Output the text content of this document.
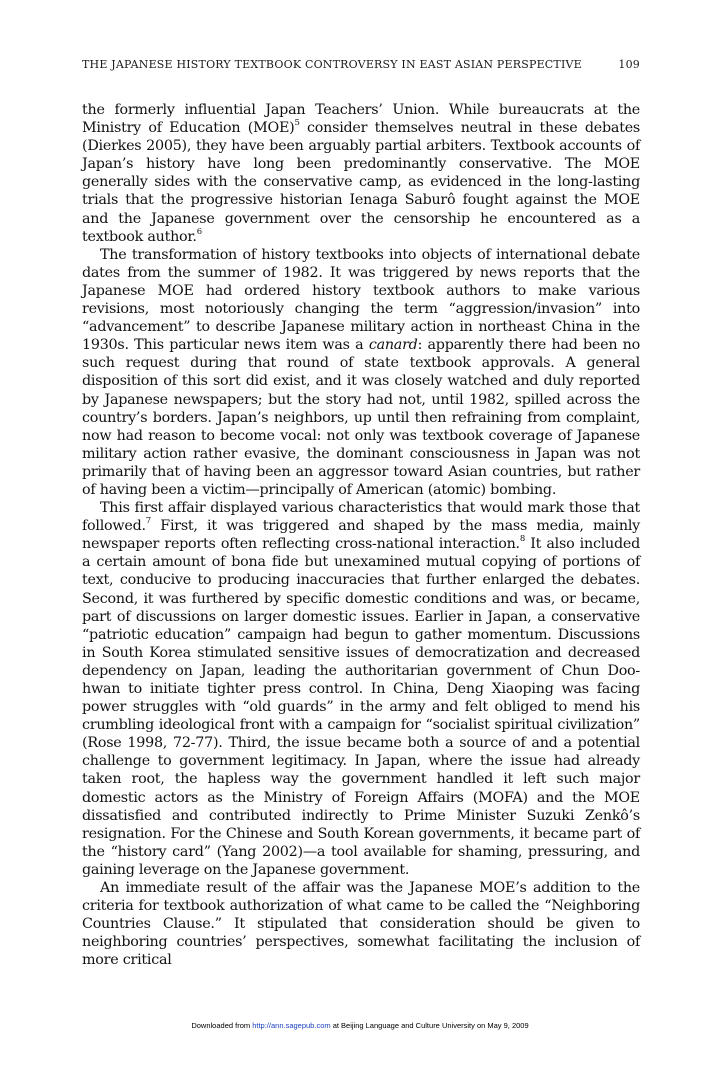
THE JAPANESE HISTORY TEXTBOOK CONTROVERSY IN EAST ASIAN PERSPECTIVE	109

the formerly influential Japan Teachers’ Union. While bureaucrats at the Ministry of Education (MOE)$^5$ consider themselves neutral in these debates (Dierkes 2005), they have been arguably partial arbiters. Textbook accounts of Japan’s history have long been predominantly conservative. The MOE generally sides with the conservative camp, as evidenced in the long-lasting trials that the progressive historian Ienaga Saburô fought against the MOE and the Japanese government over the censorship he encountered as a textbook author.$^6$

The transformation of history textbooks into objects of international debate dates from the summer of 1982. It was triggered by news reports that the Japanese MOE had ordered history textbook authors to make various revisions, most notoriously changing the term “aggression/invasion” into “advancement” to describe Japanese military action in northeast China in the 1930s. This particular news item was a canard: apparently there had been no such request during that round of state textbook approvals. A general disposition of this sort did exist, and it was closely watched and duly reported by Japanese newspapers; but the story had not, until 1982, spilled across the country’s borders. Japan’s neighbors, up until then refraining from complaint, now had reason to become vocal: not only was textbook coverage of Japanese military action rather evasive, the dominant consciousness in Japan was not primarily that of having been an aggressor toward Asian countries, but rather of having been a victim—principally of American (atomic) bombing.

This first affair displayed various characteristics that would mark those that followed.$^7$ First, it was triggered and shaped by the mass media, mainly newspaper reports often reflecting cross-national interaction.$^8$ It also included a certain amount of bona fide but unexamined mutual copying of portions of text, conducive to producing inaccuracies that further enlarged the debates. Second, it was furthered by specific domestic conditions and was, or became, part of discussions on larger domestic issues. Earlier in Japan, a conservative “patriotic education” campaign had begun to gather momentum. Discussions in South Korea stimulated sensitive issues of democratization and decreased dependency on Japan, leading the authoritarian government of Chun Doo-hwan to initiate tighter press control. In China, Deng Xiaoping was facing power struggles with “old guards” in the army and felt obliged to mend his crumbling ideological front with a campaign for “socialist spiritual civilization” (Rose 1998, 72-77). Third, the issue became both a source of and a potential challenge to government legitimacy. In Japan, where the issue had already taken root, the hapless way the government handled it left such major domestic actors as the Ministry of Foreign Affairs (MOFA) and the MOE dissatisfied and contributed indirectly to Prime Minister Suzuki Zenkô’s resignation. For the Chinese and South Korean governments, it became part of the “history card” (Yang 2002)—a tool available for shaming, pressuring, and gaining leverage on the Japanese government.

An immediate result of the affair was the Japanese MOE’s addition to the criteria for textbook authorization of what came to be called the “Neighboring Countries Clause.” It stipulated that consideration should be given to neighboring countries’ perspectives, somewhat facilitating the inclusion of more critical

Downloaded from http://ann.sagepub.com at Beijing Language and Culture University on May 9, 2009
